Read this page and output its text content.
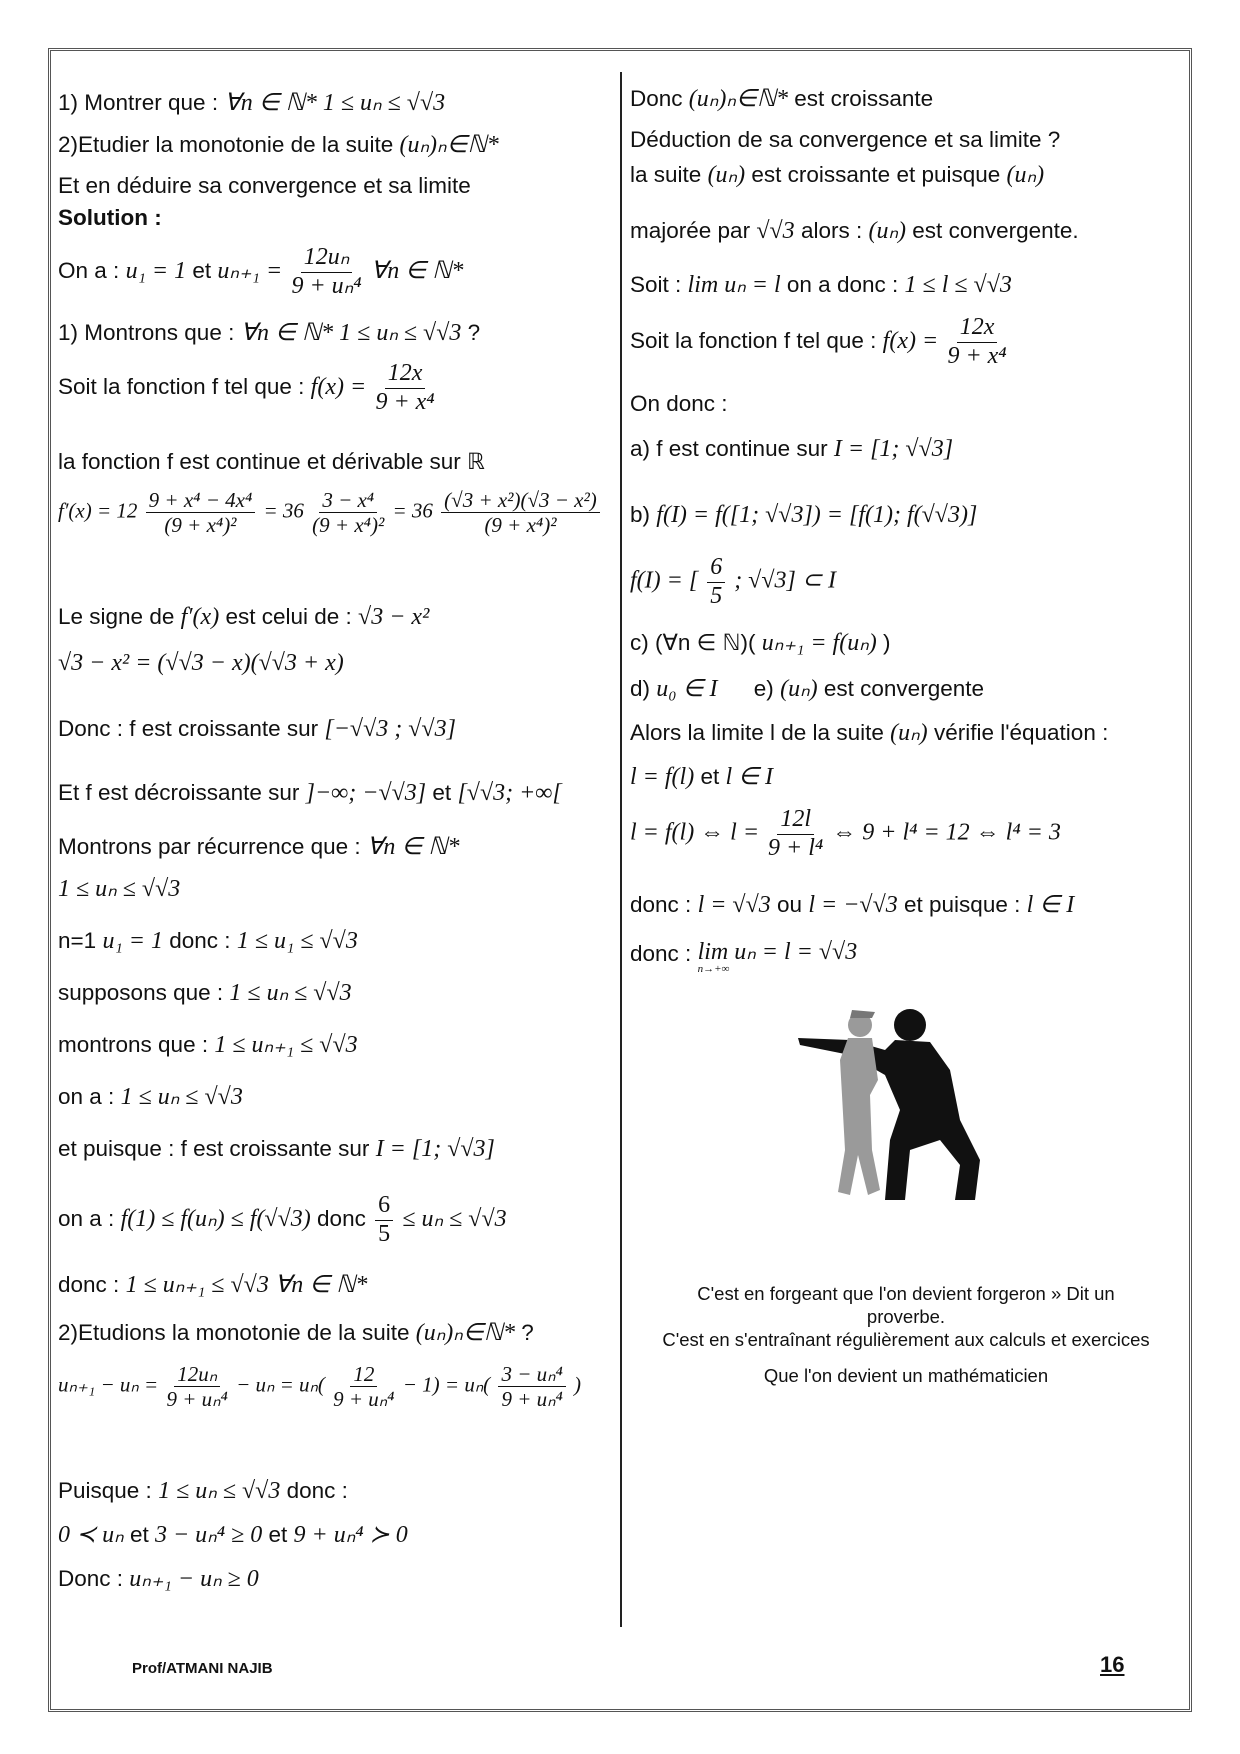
1) Montrer que : ∀n ∈ ℕ* 1 ≤ uₙ ≤ √√3
2)Etudier la monotonie de la suite (uₙ)ₙ∈ℕ*
Et en déduire sa convergence et sa limite
Solution :
On a : u₁ = 1 et $u_{n+1} = \frac{\text{12uₙ}}{\text{9 + uₙ⁴}}$ ∀n ∈ ℕ*
1) Montrons que : ∀n ∈ ℕ* 1 ≤ uₙ ≤ √√3 ?
Soit la fonction f tel que : $f(x) = \frac{12x}{\text{9 + x⁴}}$
la fonction f est continue et dérivable sur ℝ
$f'(x) = 12 \frac{\text{9 + x⁴ − 4x⁴}}{\text{(9 + x⁴)²}} = 36 \frac{\text{3 − x⁴}}{\text{(9 + x⁴)²}} = 36 \frac{\text{(√3 + x²)(√3 − x²)}}{\text{(9 + x⁴)²}}$
Le signe de f′(x) est celui de : √3 − x²
√3 − x² = (√√3 − x)(√√3 + x)
Donc : f est croissante sur [−√√3 ; √√3]
Et f est décroissante sur ]−∞; −√√3] et [√√3; +∞[
Montrons par récurrence que : ∀n ∈ ℕ*
1 ≤ uₙ ≤ √√3
n=1 u₁ = 1 donc : 1 ≤ u₁ ≤ √√3
supposons que : 1 ≤ uₙ ≤ √√3
montrons que : 1 ≤ uₙ₊₁ ≤ √√3
on a : 1 ≤ uₙ ≤ √√3
et puisque : f est croissante sur I = [1; √√3]
on a : f(1) ≤ f(uₙ) ≤ f(√√3) donc $\frac{6}{5} \le u_n \le √√3$
donc : 1 ≤ uₙ₊₁ ≤ √√3 ∀n ∈ ℕ*
2)Etudions la monotonie de la suite (uₙ)ₙ∈ℕ* ?
$u_{n+1} - u_n = \frac{\text{12uₙ}}{\text{9 + uₙ⁴}} - u_n = u_n( \frac{12}{\text{9 + uₙ⁴}} - 1) = u_n( \frac{\text{3 − uₙ⁴}}{\text{9 + uₙ⁴}}$ )
Puisque : 1 ≤ uₙ ≤ √√3 donc :
0 ≺ uₙ et 3 − uₙ⁴ ≥ 0 et 9 + uₙ⁴ ≻ 0
Donc : uₙ₊₁ − uₙ ≥ 0
Donc (uₙ)ₙ∈ℕ* est croissante
Déduction de sa convergence et sa limite ?
la suite (uₙ) est croissante et puisque (uₙ)
majorée par √√3 alors : (uₙ) est convergente.
Soit : lim uₙ = l on a donc : 1 ≤ l ≤ √√3
Soit la fonction f tel que : $f(x) = \frac{12x}{\text{9 + x⁴}}$
On donc :
a) f est continue sur I = [1; √√3]
b) f(I) = f([1; √√3]) = [f(1); f(√√3)]
f(I) = [ $\frac{6}{5}$ ; √√3] ⊂ I
c) (∀n ∈ ℕ)( uₙ₊₁ = f(uₙ) )
d) u₀ ∈ I e) (uₙ) est convergente
Alors la limite l de la suite (uₙ) vérifie l'équation :
l = f(l) et l ∈ I
l = f(l) ⇔ $l = \frac{12l}{\text{9 + l⁴}}$ ⇔ 9 + l⁴ = 12 ⇔ l⁴ = 3
donc : l = √√3 ou l = −√√3 et puisque : l ∈ I
donc : lim uₙ = l = √√3
n→+∞
C'est en forgeant que l'on devient forgeron » Dit un
proverbe.
C'est en s'entraînant régulièrement aux calculs et exercices
Que l'on devient un mathématicien
Prof/ATMANI NAJIB	16
